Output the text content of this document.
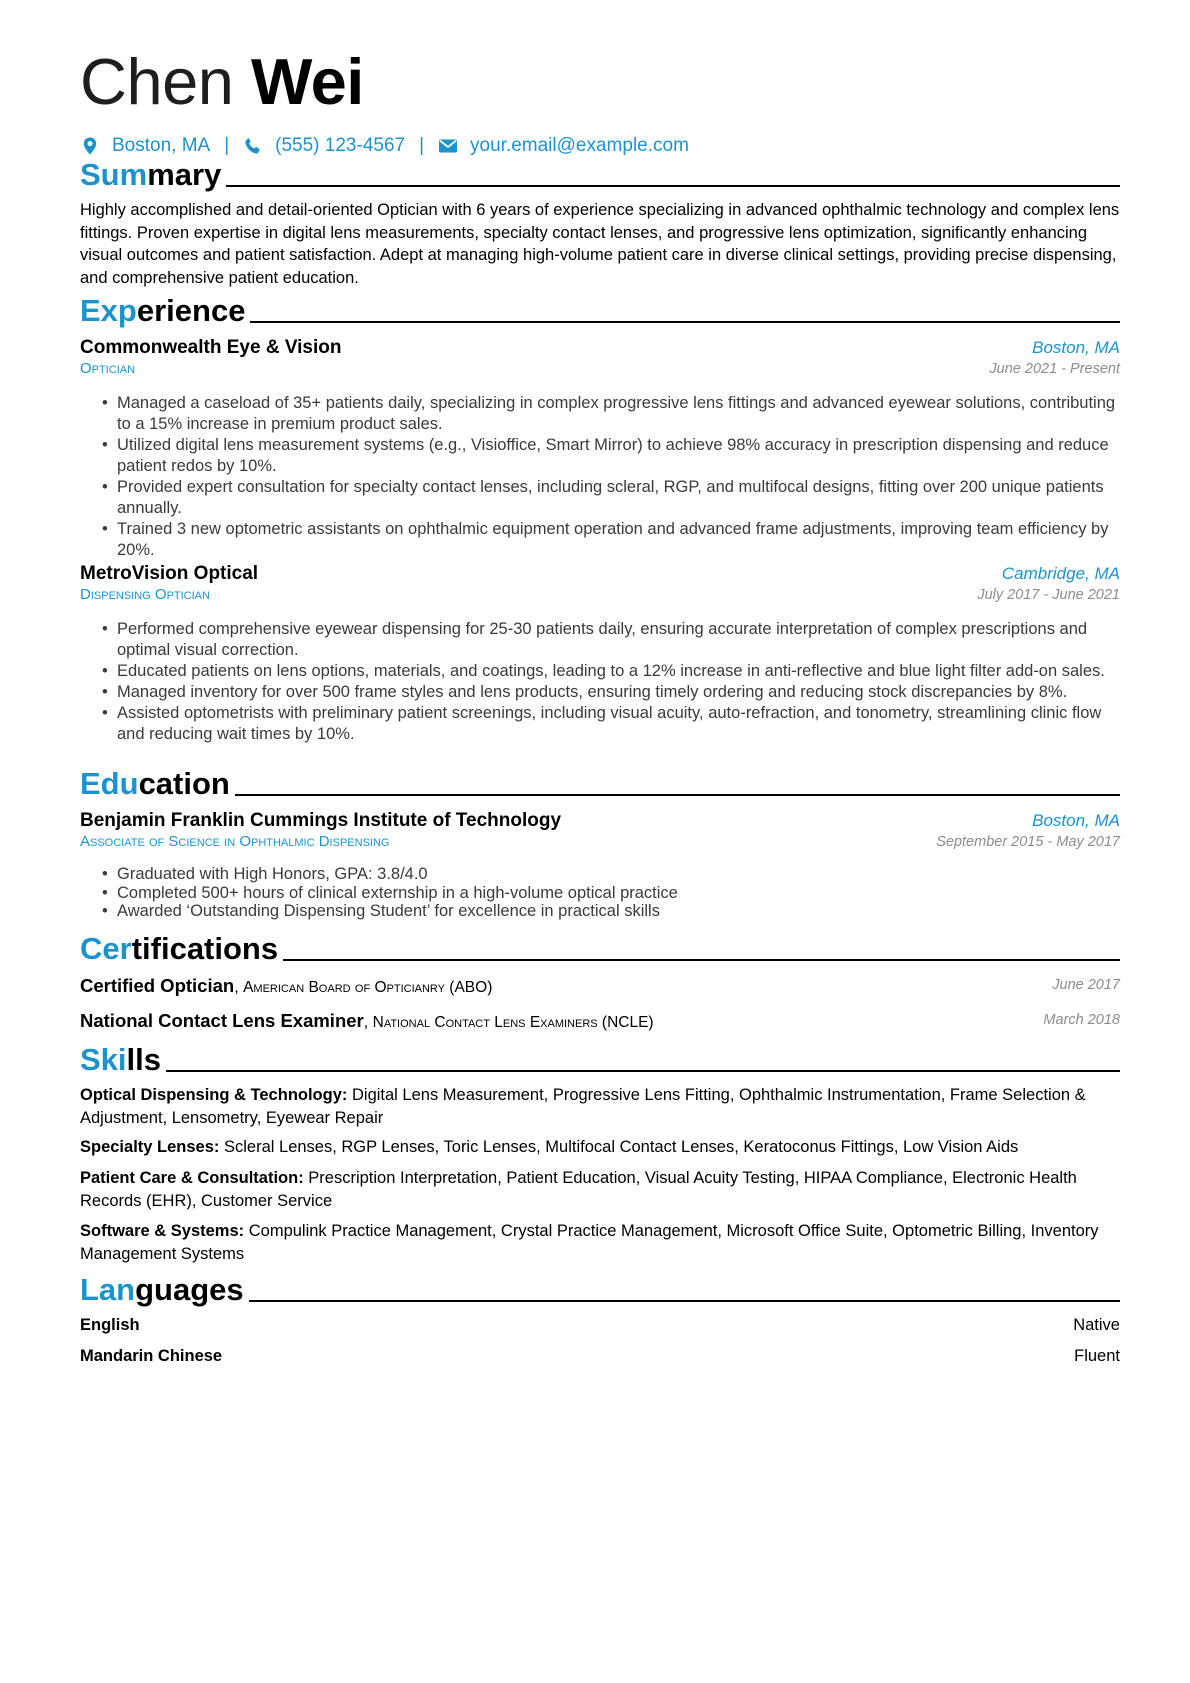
Chen Wei
Boston, MA | (555) 123-4567 | your.email@example.com
Summary
Highly accomplished and detail-oriented Optician with 6 years of experience specializing in advanced ophthalmic technology and complex lens fittings. Proven expertise in digital lens measurements, specialty contact lenses, and progressive lens optimization, significantly enhancing visual outcomes and patient satisfaction. Adept at managing high-volume patient care in diverse clinical settings, providing precise dispensing, and comprehensive patient education.
Experience
Commonwealth Eye & Vision	Boston, MA
Optician	June 2021 - Present
• Managed a caseload of 35+ patients daily, specializing in complex progressive lens fittings and advanced eyewear solutions, contributing to a 15% increase in premium product sales.
• Utilized digital lens measurement systems (e.g., Visioffice, Smart Mirror) to achieve 98% accuracy in prescription dispensing and reduce patient redos by 10%.
• Provided expert consultation for specialty contact lenses, including scleral, RGP, and multifocal designs, fitting over 200 unique patients annually.
• Trained 3 new optometric assistants on ophthalmic equipment operation and advanced frame adjustments, improving team efficiency by 20%.
MetroVision Optical	Cambridge, MA
Dispensing Optician	July 2017 - June 2021
• Performed comprehensive eyewear dispensing for 25-30 patients daily, ensuring accurate interpretation of complex prescriptions and optimal visual correction.
• Educated patients on lens options, materials, and coatings, leading to a 12% increase in anti-reflective and blue light filter add-on sales.
• Managed inventory for over 500 frame styles and lens products, ensuring timely ordering and reducing stock discrepancies by 8%.
• Assisted optometrists with preliminary patient screenings, including visual acuity, auto-refraction, and tonometry, streamlining clinic flow and reducing wait times by 10%.
Education
Benjamin Franklin Cummings Institute of Technology	Boston, MA
Associate of Science in Ophthalmic Dispensing	September 2015 - May 2017
• Graduated with High Honors, GPA: 3.8/4.0
• Completed 500+ hours of clinical externship in a high-volume optical practice
• Awarded ‘Outstanding Dispensing Student’ for excellence in practical skills
Certifications
Certified Optician, American Board of Opticianry (ABO)	June 2017
National Contact Lens Examiner, National Contact Lens Examiners (NCLE)	March 2018
Skills
Optical Dispensing & Technology: Digital Lens Measurement, Progressive Lens Fitting, Ophthalmic Instrumentation, Frame Selection & Adjustment, Lensometry, Eyewear Repair
Specialty Lenses: Scleral Lenses, RGP Lenses, Toric Lenses, Multifocal Contact Lenses, Keratoconus Fittings, Low Vision Aids
Patient Care & Consultation: Prescription Interpretation, Patient Education, Visual Acuity Testing, HIPAA Compliance, Electronic Health Records (EHR), Customer Service
Software & Systems: Compulink Practice Management, Crystal Practice Management, Microsoft Office Suite, Optometric Billing, Inventory Management Systems
Languages
English	Native
Mandarin Chinese	Fluent
